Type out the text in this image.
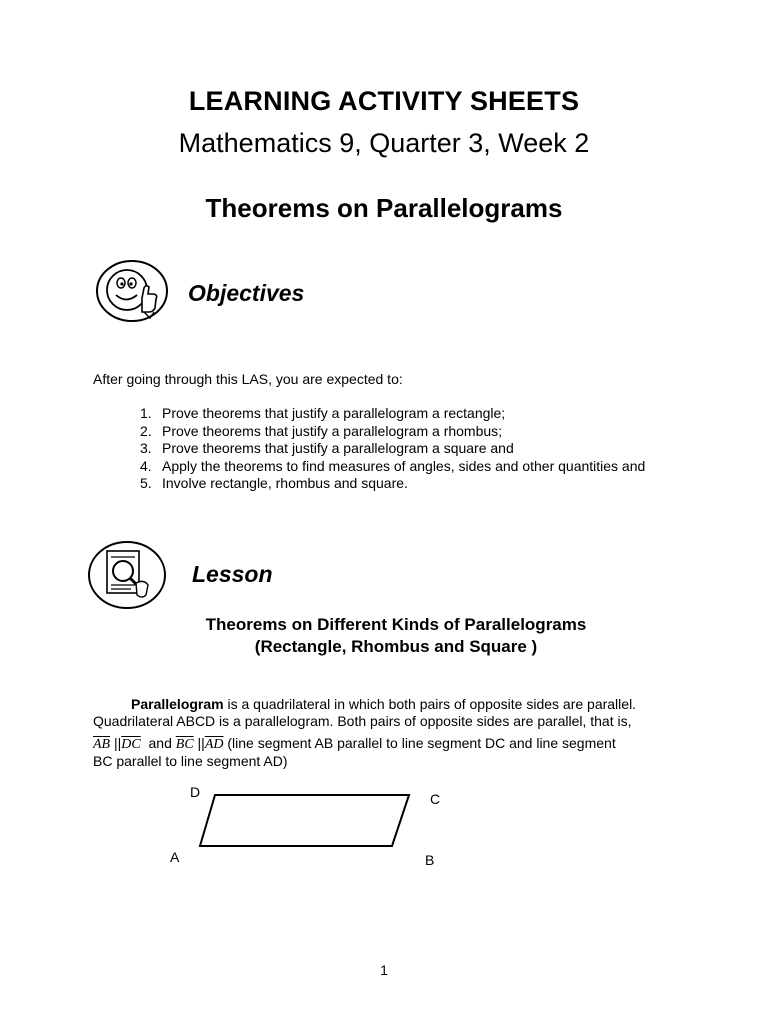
LEARNING ACTIVITY SHEETS
Mathematics 9, Quarter 3, Week 2
Theorems on Parallelograms
Objectives
After going through this LAS, you are expected to:
1. Prove theorems that justify a parallelogram a rectangle;
2. Prove theorems that justify a parallelogram a rhombus;
3. Prove theorems that justify a parallelogram a square and
4. Apply the theorems to find measures of angles, sides and other quantities and
5. Involve rectangle, rhombus and square.
Lesson
Theorems on Different Kinds of Parallelograms
(Rectangle, Rhombus and Square )
Parallelogram is a quadrilateral in which both pairs of opposite sides are parallel.
Quadrilateral ABCD is a parallelogram. Both pairs of opposite sides are parallel, that is,
$\overline{AB}$ $||\overline{DC}$ and $\overline{BC}$ $||\overline{AD}$ (line segment AB parallel to line segment DC and line segment
BC parallel to line segment AD)
D	C
A	B
1
